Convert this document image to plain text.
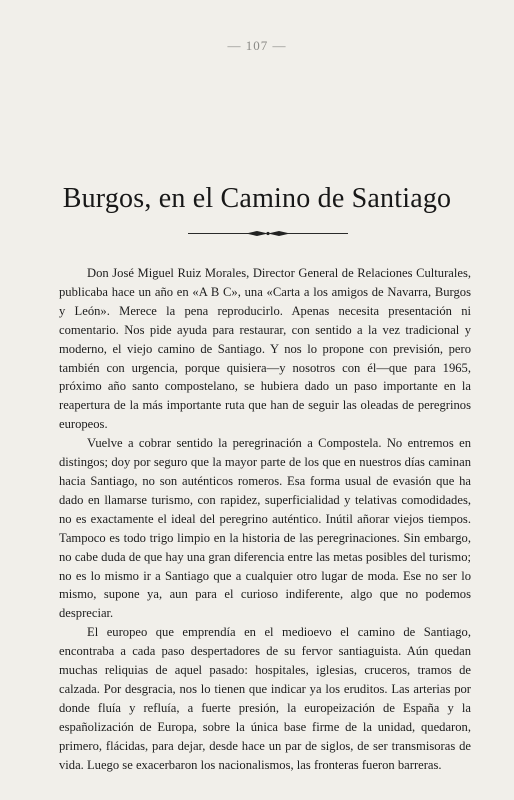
— 107 —
Burgos, en el Camino de Santiago

Don José Miguel Ruiz Morales, Director General de Relaciones Culturales, publicaba hace un año en «A B C», una «Carta a los amigos de Navarra, Burgos y León». Merece la pena reproducirlo. Apenas necesita presentación ni comentario. Nos pide ayuda para restaurar, con sentido a la vez tradicional y moderno, el viejo camino de Santiago. Y nos lo propone con previsión, pero también con urgencia, porque quisiera—y nosotros con él—que para 1965, próximo año santo compostelano, se hubiera dado un paso importante en la reapertura de la más importante ruta que han de seguir las oleadas de peregrinos europeos.

Vuelve a cobrar sentido la peregrinación a Compostela. No entremos en distingos; doy por seguro que la mayor parte de los que en nuestros días caminan hacia Santiago, no son auténticos romeros. Esa forma usual de evasión que ha dado en llamarse turismo, con rapidez, superficialidad y telativas comodidades, no es exactamente el ideal del peregrino auténtico. Inútil añorar viejos tiempos. Tampoco es todo trigo limpio en la historia de las peregrinaciones. Sin embargo, no cabe duda de que hay una gran diferencia entre las metas posibles del turismo; no es lo mismo ir a Santiago que a cualquier otro lugar de moda. Ese no ser lo mismo, supone ya, aun para el curioso indiferente, algo que no podemos despreciar.

El europeo que emprendía en el medioevo el camino de Santiago, encontraba a cada paso despertadores de su fervor santiaguista. Aún quedan muchas reliquias de aquel pasado: hospitales, iglesias, cruceros, tramos de calzada. Por desgracia, nos lo tienen que indicar ya los eruditos. Las arterias por donde fluía y refluía, a fuerte presión, la europeización de España y la españolización de Europa, sobre la única base firme de la unidad, quedaron, primero, flácidas, para dejar, desde hace un par de siglos, de ser transmisoras de vida. Luego se exacerbaron los nacionalismos, las fronteras fueron barreras.
